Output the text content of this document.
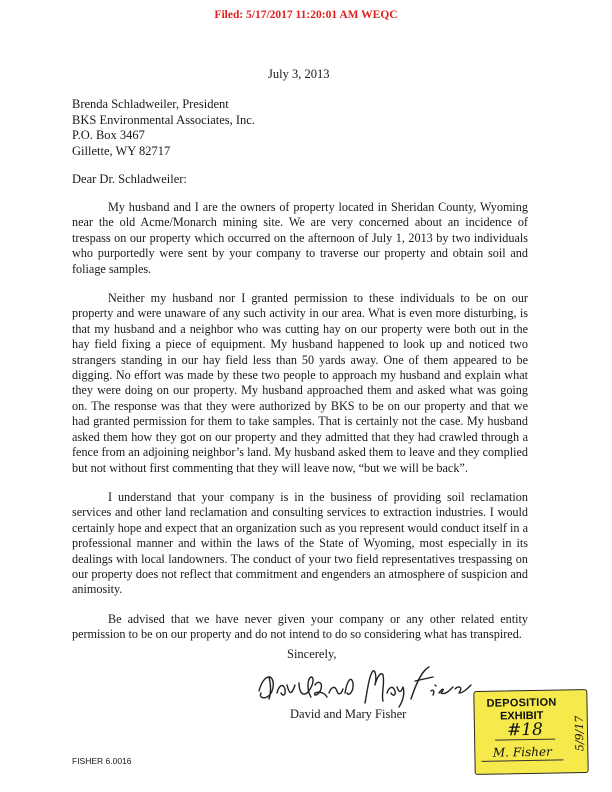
Filed: 5/17/2017 11:20:01 AM WEQC
July 3, 2013
Brenda Schladweiler, President
BKS Environmental Associates, Inc.
P.O. Box 3467
Gillette, WY 82717
Dear Dr. Schladweiler:

My husband and I are the owners of property located in Sheridan County, Wyoming near the old Acme/Monarch mining site. We are very concerned about an incidence of trespass on our property which occurred on the afternoon of July 1, 2013 by two individuals who purportedly were sent by your company to traverse our property and obtain soil and foliage samples.

Neither my husband nor I granted permission to these individuals to be on our property and were unaware of any such activity in our area. What is even more disturbing, is that my husband and a neighbor who was cutting hay on our property were both out in the hay field fixing a piece of equipment. My husband happened to look up and noticed two strangers standing in our hay field less than 50 yards away. One of them appeared to be digging. No effort was made by these two people to approach my husband and explain what they were doing on our property. My husband approached them and asked what was going on. The response was that they were authorized by BKS to be on our property and that we had granted permission for them to take samples. That is certainly not the case. My husband asked them how they got on our property and they admitted that they had crawled through a fence from an adjoining neighbor’s land. My husband asked them to leave and they complied but not without first commenting that they will leave now, “but we will be back”.

I understand that your company is in the business of providing soil reclamation services and other land reclamation and consulting services to extraction industries. I would certainly hope and expect that an organization such as you represent would conduct itself in a professional manner and within the laws of the State of Wyoming, most especially in its dealings with local landowners. The conduct of your two field representatives trespassing on our property does not reflect that commitment and engenders an atmosphere of suspicion and animosity.

Be advised that we have never given your company or any other related entity permission to be on our property and do not intend to do so considering what has transpired.

Sincerely,
David and Mary Fisher
FISHER 6.0016
DEPOSITION
EXHIBIT
#18
M. Fisher
5/9/17
